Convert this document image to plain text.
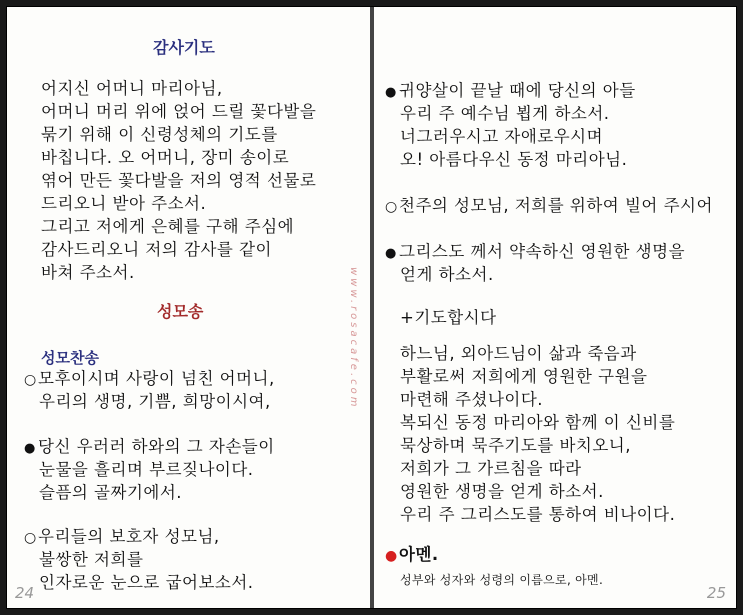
감사기도
어지신 어머니 마리아님,
어머니 머리 위에 얹어 드릴 꽃다발을
묶기 위해 이 신령성체의 기도를
바칩니다. 오 어머니, 장미 송이로
엮어 만든 꽃다발을 저의 영적 선물로
드리오니 받아 주소서.
그리고 저에게 은혜를 구해 주심에
감사드리오니 저의 감사를 같이
바쳐 주소서.
성모송
성모찬송
○모후이시며 사랑이 넘친 어머니,
우리의 생명, 기쁨, 희망이시여,
● 당신 우러러 하와의 그 자손들이
눈물을 흘리며 부르짖나이다.
슬픔의 골짜기에서.
○우리들의 보호자 성모님,
불쌍한 저희를
인자로운 눈으로 굽어보소서.
24
www.rosacafe.com
● 귀양살이 끝날 때에 당신의 아들
우리 주 예수님 뵙게 하소서.
너그러우시고 자애로우시며
오! 아름다우신 동정 마리아님.
○천주의 성모님, 저희를 위하여 빌어 주시어
● 그리스도 께서 약속하신 영원한 생명을
얻게 하소서.
+기도합시다
하느님, 외아드님이 삶과 죽음과
부활로써 저희에게 영원한 구원을
마련해 주셨나이다.
복되신 동정 마리아와 함께 이 신비를
묵상하며 묵주기도를 바치오니,
저희가 그 가르침을 따라
영원한 생명을 얻게 하소서.
우리 주 그리스도를 통하여 비나이다.
●아멘.
성부와 성자와 성령의 이름으로, 아멘.
25
